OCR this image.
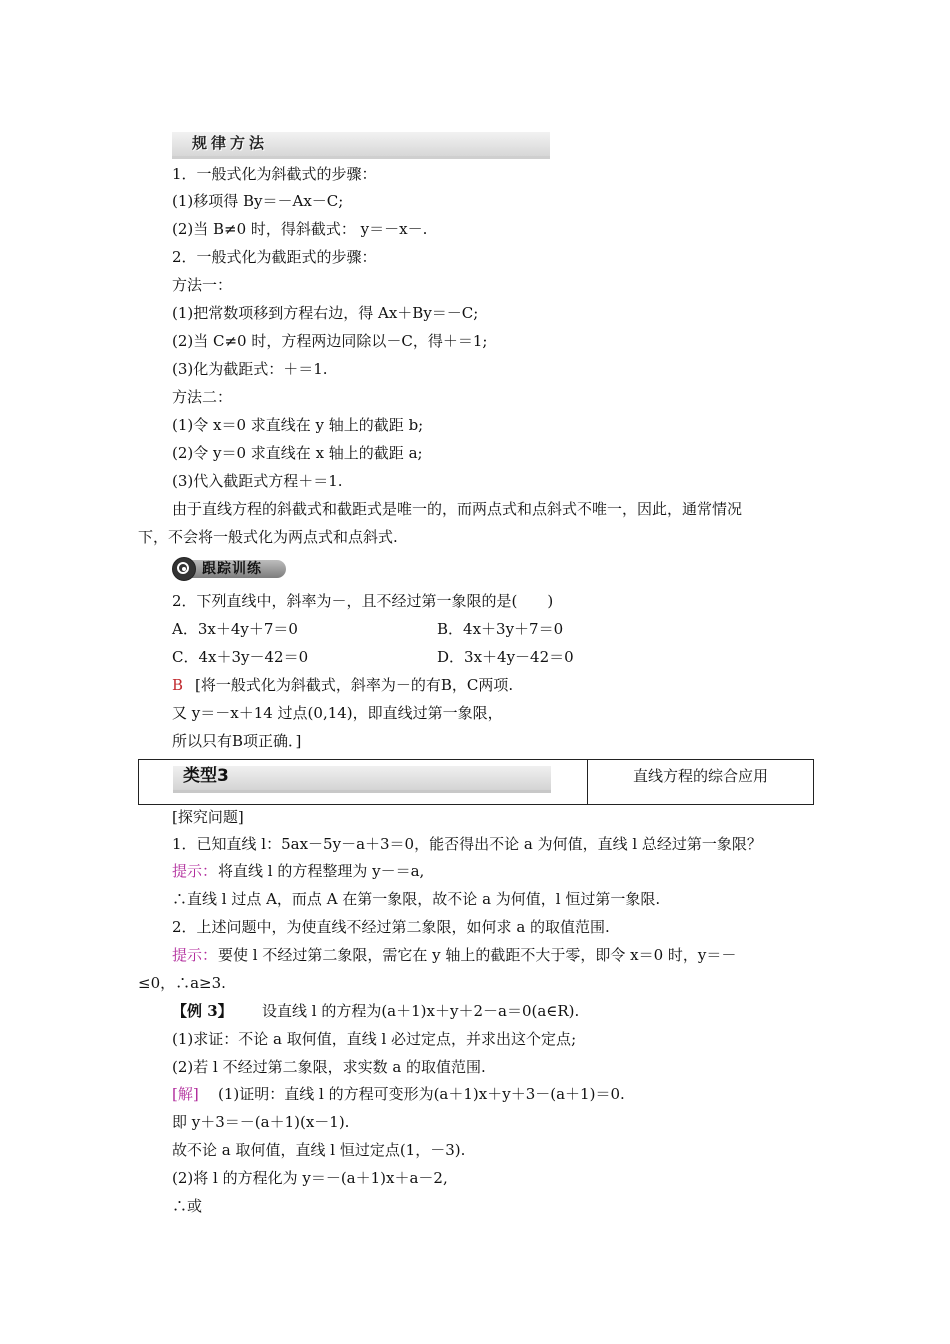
规律方法
1．一般式化为斜截式的步骤：
(1)移项得 By＝－Ax－C;
(2)当 B≠0 时，得斜截式： y＝－x－.
2．一般式化为截距式的步骤：
方法一：
(1)把常数项移到方程右边，得 Ax＋By＝－C;
(2)当 C≠0 时，方程两边同除以－C，得＋＝1;
(3)化为截距式：＋＝1.
方法二：
(1)令 x＝0 求直线在 y 轴上的截距 b;
(2)令 y＝0 求直线在 x 轴上的截距 a;
(3)代入截距式方程＋＝1.
由于直线方程的斜截式和截距式是唯一的，而两点式和点斜式不唯一，因此，通常情况
下，不会将一般式化为两点式和点斜式.
跟踪训练
2．下列直线中，斜率为－，且不经过第一象限的是(　　)
A．3x＋4y＋7＝0	B．4x＋3y＋7＝0
C．4x＋3y－42＝0	D．3x＋4y－42＝0
B [将一般式化为斜截式，斜率为－的有B，C两项.
又 y＝－x＋14 过点(0,14)，即直线过第一象限，
所以只有B项正确．]
类型3	直线方程的综合应用
[探究问题]
1．已知直线 l：5ax－5y－a＋3＝0，能否得出不论 a 为何值，直线 l 总经过第一象限？
提示： 将直线 l 的方程整理为 y－＝a,
∴直线 l 过点 A，而点 A 在第一象限，故不论 a 为何值，l 恒过第一象限.
2．上述问题中，为使直线不经过第二象限，如何求 a 的取值范围.
提示： 要使 l 不经过第二象限，需它在 y 轴上的截距不大于零，即令 x＝0 时，y＝－
≤0，∴a≥3.
【例 3】 设直线 l 的方程为(a＋1)x＋y＋2－a＝0(a∈R).
(1)求证：不论 a 取何值，直线 l 必过定点，并求出这个定点;
(2)若 l 不经过第二象限，求实数 a 的取值范围.
[解] (1)证明：直线 l 的方程可变形为(a＋1)x＋y＋3－(a＋1)＝0.
即 y＋3＝－(a＋1)(x－1).
故不论 a 取何值，直线 l 恒过定点(1，－3).
(2)将 l 的方程化为 y＝－(a＋1)x＋a－2,
∴或
